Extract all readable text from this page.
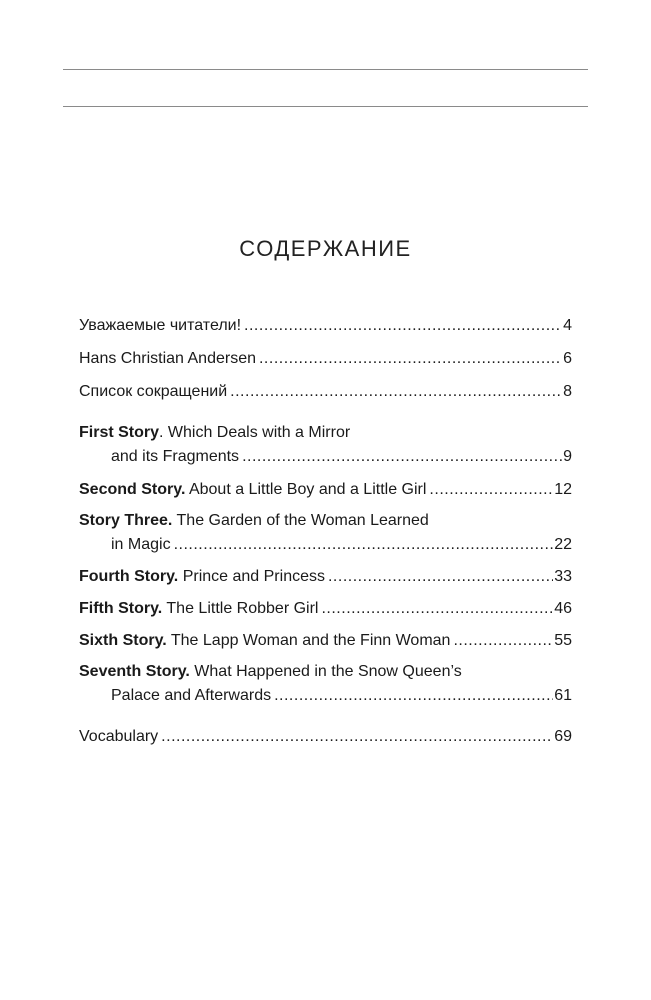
СОДЕРЖАНИЕ
Уважаемые читатели! .....	4
Hans Christian Andersen .....	6
Список сокращений .....	8
First Story. Which Deals with a Mirror
and its Fragments .....	9
Second Story. About a Little Boy and a Little Girl .....	12
Story Three. The Garden of the Woman Learned
in Magic .....	22
Fourth Story. Prince and Princess .....	33
Fifth Story. The Little Robber Girl .....	46
Sixth Story. The Lapp Woman and the Finn Woman .....	55
Seventh Story. What Happened in the Snow Queen’s
Palace and Afterwards .....	61
Vocabulary .....	69
